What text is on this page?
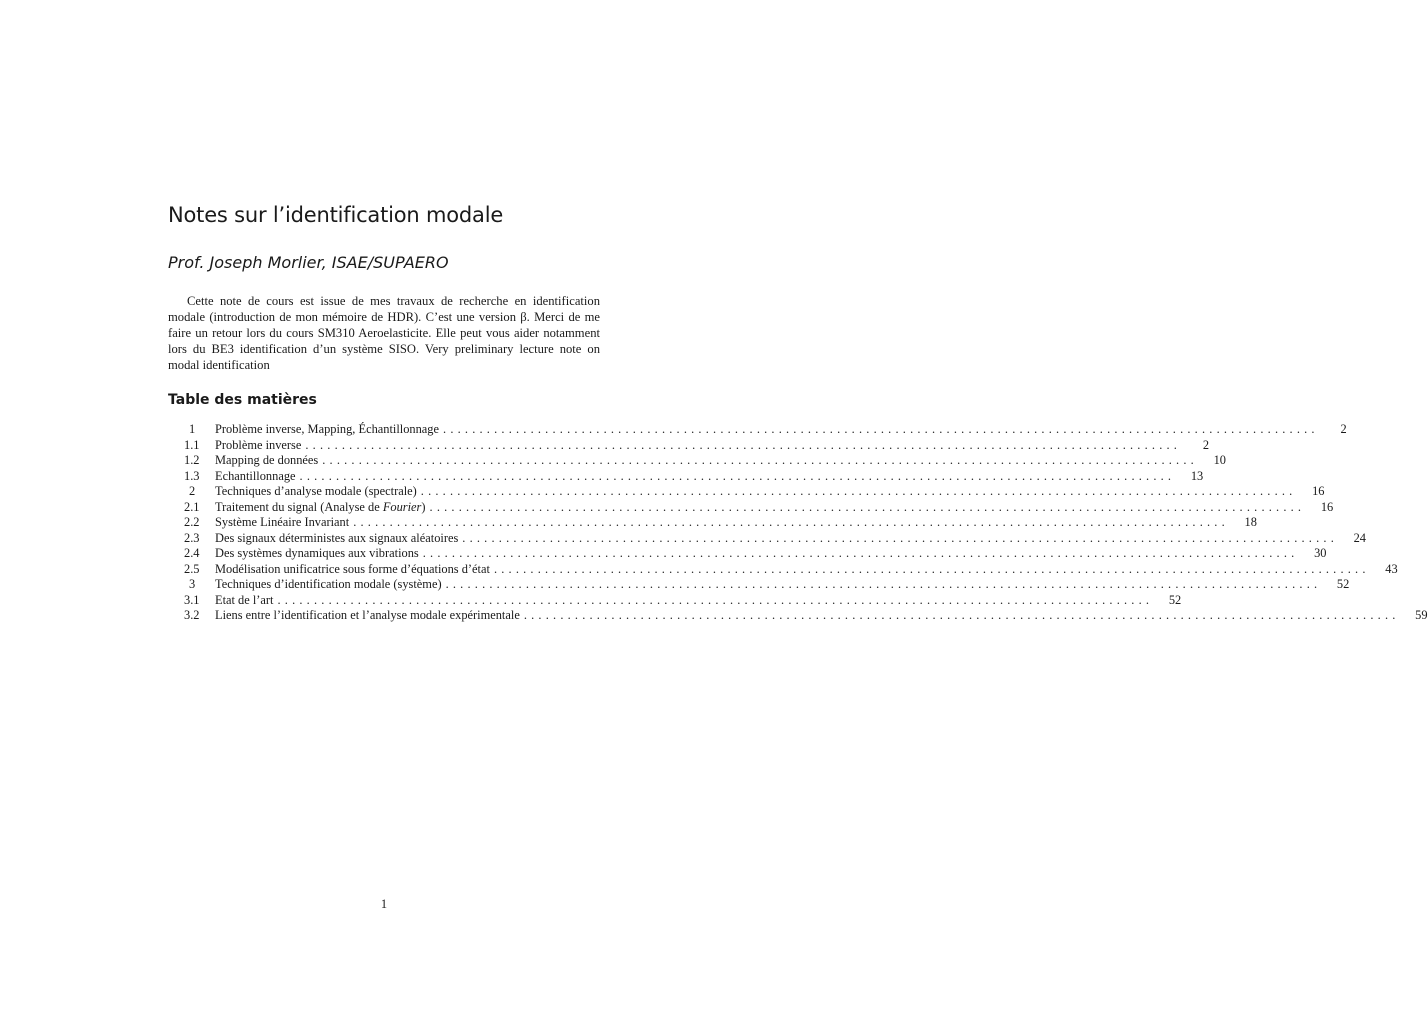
Notes sur l’identification modale
Prof. Joseph Morlier, ISAE/SUPAERO

Cette note de cours est issue de mes travaux de recherche en identification modale (introduction de mon mémoire de HDR). C’est une version β. Merci de me faire un retour lors du cours SM310 Aeroelasticite. Elle peut vous aider notamment lors du BE3 identification d’un système SISO. Very preliminary lecture note on modal identification

Table des matières
1	Problème inverse, Mapping, Échantillonnage ........................................................................................................................	2
1.1	Problème inverse ........................................................................................................................	2
1.2	Mapping de données ........................................................................................................................	10
1.3	Echantillonnage ........................................................................................................................	13
2	Techniques d’analyse modale (spectrale) ........................................................................................................................	16
2.1	Traitement du signal (Analyse de Fourier) ........................................................................................................................	16
2.2	Système Linéaire Invariant ........................................................................................................................	18
2.3	Des signaux déterministes aux signaux aléatoires ........................................................................................................................	24
2.4	Des systèmes dynamiques aux vibrations ........................................................................................................................	30
2.5	Modélisation unificatrice sous forme d’équations d’état ........................................................................................................................	43
3	Techniques d’identification modale (système) ........................................................................................................................	52
3.1	Etat de l’art ........................................................................................................................	52
3.2	Liens entre l’identification et l’analyse modale expérimentale ........................................................................................................................	59
1
